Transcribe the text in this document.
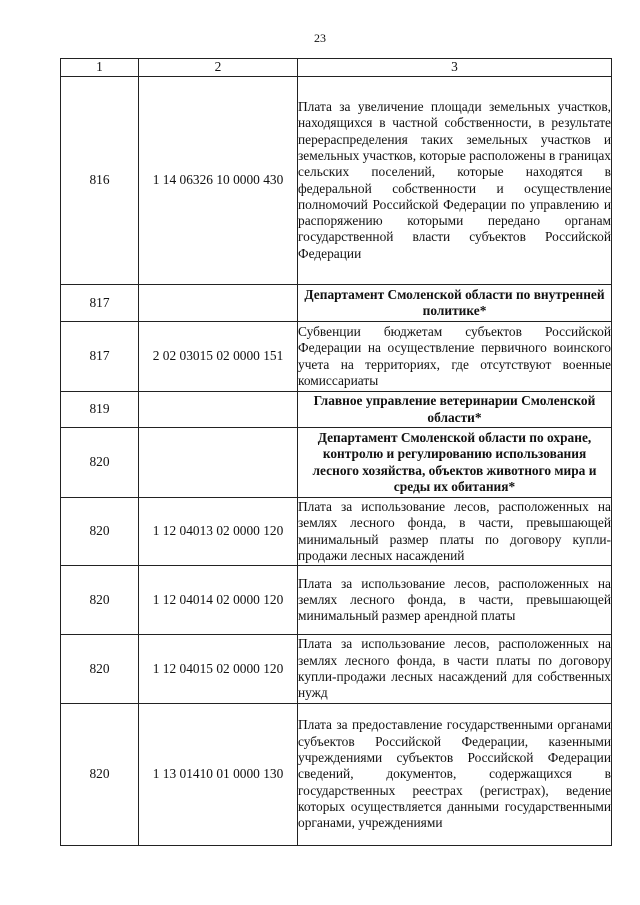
23
1	2	3
816	1 14 06326 10 0000 430	Плата за увеличение площади земельных участков, находящихся в частной собственности, в результате перераспределения таких земельных участков и земельных участков, которые расположены в границах сельских поселений, которые находятся в федеральной собственности и осуществление полномочий Российской Федерации по управлению и распоряжению которыми передано органам государственной власти субъектов Российской Федерации
817		Департамент Смоленской области по внутренней политике*
817	2 02 03015 02 0000 151	Субвенции бюджетам субъектов Российской Федерации на осуществление первичного воинского учета на территориях, где отсутствуют военные комиссариаты
819		Главное управление ветеринарии Смоленской области*
820		Департамент Смоленской области по охране, контролю и регулированию использования лесного хозяйства, объектов животного мира и среды их обитания*
820	1 12 04013 02 0000 120	Плата за использование лесов, расположенных на землях лесного фонда, в части, превышающей минимальный размер платы по договору купли-продажи лесных насаждений
820	1 12 04014 02 0000 120	Плата за использование лесов, расположенных на землях лесного фонда, в части, превышающей минимальный размер арендной платы
820	1 12 04015 02 0000 120	Плата за использование лесов, расположенных на землях лесного фонда, в части платы по договору купли-продажи лесных насаждений для собственных нужд
820	1 13 01410 01 0000 130	Плата за предоставление государственными органами субъектов Российской Федерации, казенными учреждениями субъектов Российской Федерации сведений, документов, содержащихся в государственных реестрах (регистрах), ведение которых осуществляется данными государственными органами, учреждениями
